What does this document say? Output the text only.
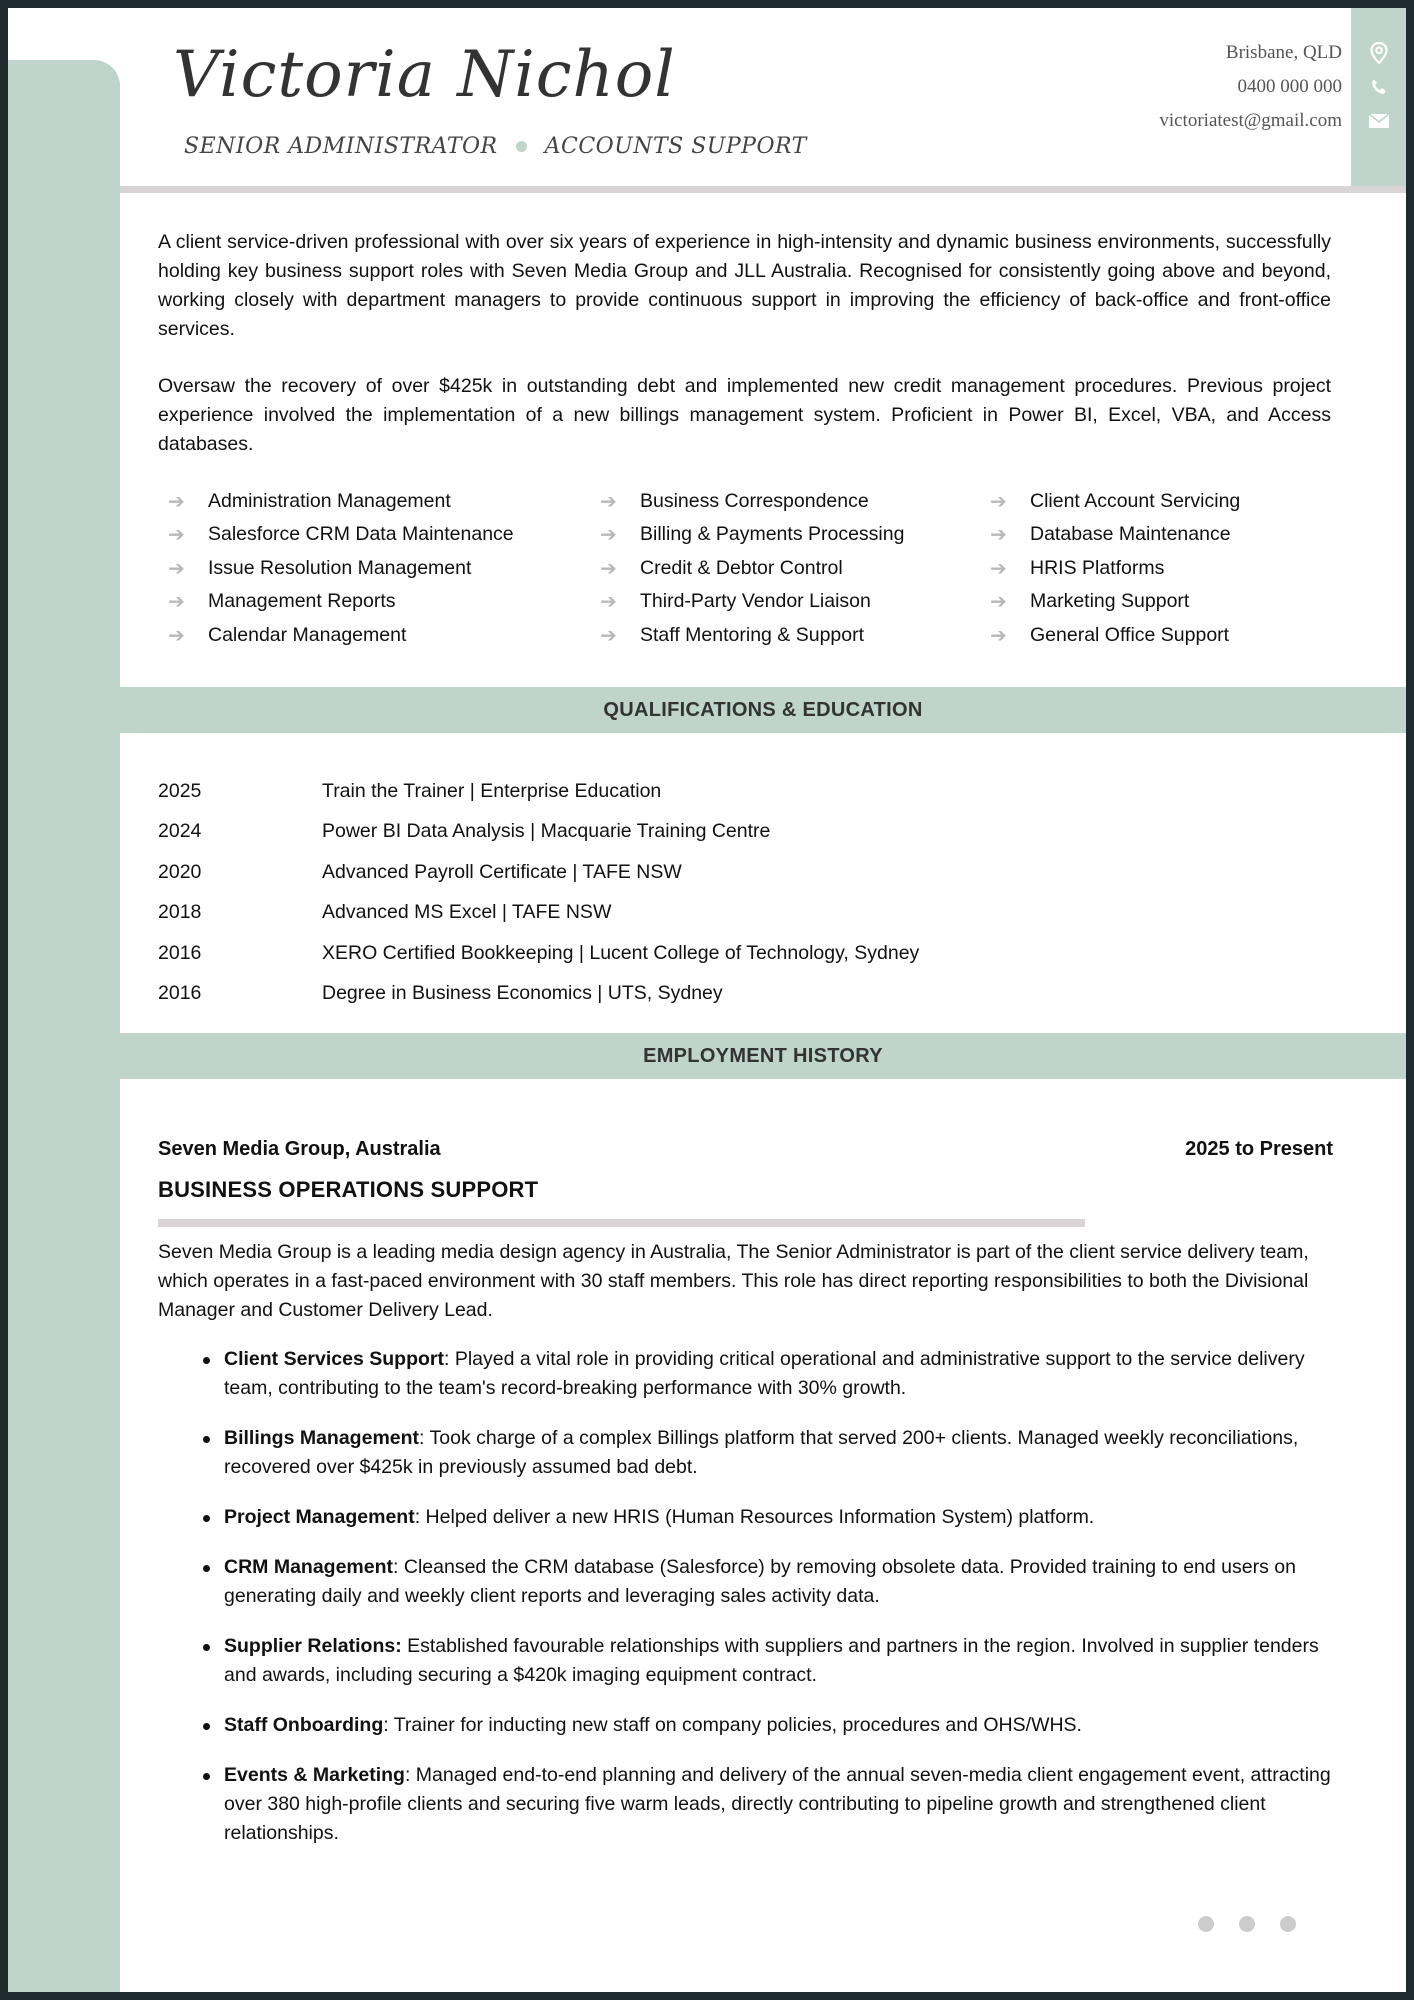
Victoria Nichol
SENIOR ADMINISTRATOR ACCOUNTS SUPPORT
Brisbane, QLD
0400 000 000
victoriatest@gmail.com

A client service-driven professional with over six years of experience in high-intensity and dynamic business environments, successfully holding key business support roles with Seven Media Group and JLL Australia. Recognised for consistently going above and beyond, working closely with department managers to provide continuous support in improving the efficiency of back-office and front-office services.

Oversaw the recovery of over $425k in outstanding debt and implemented new credit management procedures. Previous project experience involved the implementation of a new billings management system. Proficient in Power BI, Excel, VBA, and Access databases.

➔	Administration Management	➔	Business Correspondence	➔	Client Account Servicing
➔	Salesforce CRM Data Maintenance	➔	Billing & Payments Processing	➔	Database Maintenance
➔	Issue Resolution Management	➔	Credit & Debtor Control	➔	HRIS Platforms
➔	Management Reports	➔	Third-Party Vendor Liaison	➔	Marketing Support
➔	Calendar Management	➔	Staff Mentoring & Support	➔	General Office Support
QUALIFICATIONS & EDUCATION
2025	Train the Trainer | Enterprise Education
2024	Power BI Data Analysis | Macquarie Training Centre
2020	Advanced Payroll Certificate | TAFE NSW
2018	Advanced MS Excel | TAFE NSW
2016	XERO Certified Bookkeeping | Lucent College of Technology, Sydney
2016	Degree in Business Economics | UTS, Sydney
EMPLOYMENT HISTORY
Seven Media Group, Australia	2025 to Present
BUSINESS OPERATIONS SUPPORT
Seven Media Group is a leading media design agency in Australia, The Senior Administrator is part of the client service delivery team, which operates in a fast-paced environment with 30 staff members. This role has direct reporting responsibilities to both the Divisional Manager and Customer Delivery Lead.
Client Services Support: Played a vital role in providing critical operational and administrative support to the service delivery team, contributing to the team's record-breaking performance with 30% growth.
Billings Management: Took charge of a complex Billings platform that served 200+ clients. Managed weekly reconciliations, recovered over $425k in previously assumed bad debt.
Project Management: Helped deliver a new HRIS (Human Resources Information System) platform.
CRM Management: Cleansed the CRM database (Salesforce) by removing obsolete data. Provided training to end users on generating daily and weekly client reports and leveraging sales activity data.
Supplier Relations: Established favourable relationships with suppliers and partners in the region. Involved in supplier tenders and awards, including securing a $420k imaging equipment contract.
Staff Onboarding: Trainer for inducting new staff on company policies, procedures and OHS/WHS.
Events & Marketing: Managed end-to-end planning and delivery of the annual seven-media client engagement event, attracting over 380 high-profile clients and securing five warm leads, directly contributing to pipeline growth and strengthened client relationships.
